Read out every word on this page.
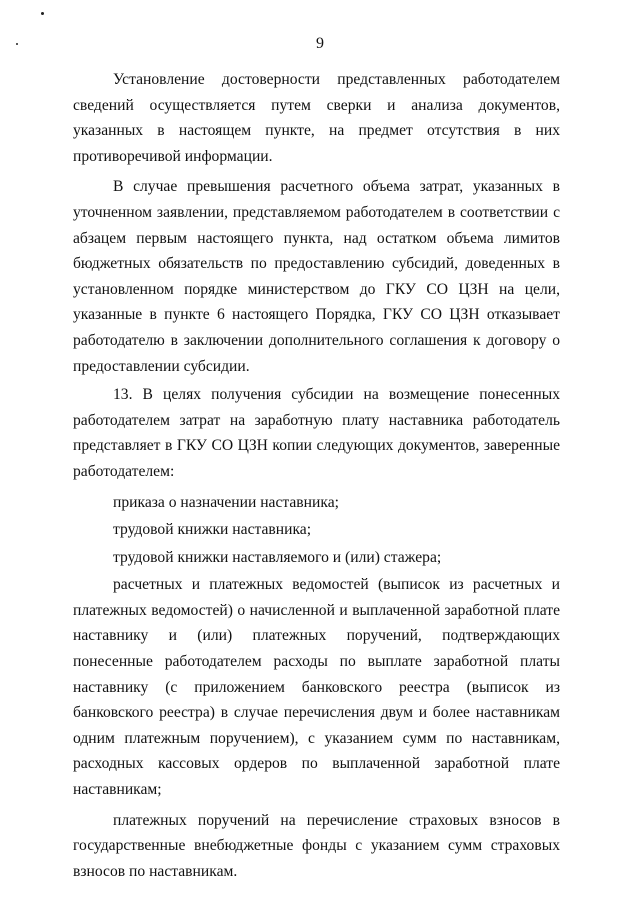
9

Установление достоверности представленных работодателем сведений осуществляется путем сверки и анализа документов, указанных в настоящем пункте, на предмет отсутствия в них противоречивой информации.

В случае превышения расчетного объема затрат, указанных в уточненном заявлении, представляемом работодателем в соответствии с абзацем первым настоящего пункта, над остатком объема лимитов бюджетных обязательств по предоставлению субсидий, доведенных в установленном порядке министерством до ГКУ СО ЦЗН на цели, указанные в пункте 6 настоящего Порядка, ГКУ СО ЦЗН отказывает работодателю в заключении дополнительного соглашения к договору о предоставлении субсидии.

13. В целях получения субсидии на возмещение понесенных работодателем затрат на заработную плату наставника работодатель представляет в ГКУ СО ЦЗН копии следующих документов, заверенные работодателем:

приказа о назначении наставника;

трудовой книжки наставника;

трудовой книжки наставляемого и (или) стажера;

расчетных и платежных ведомостей (выписок из расчетных и платежных ведомостей) о начисленной и выплаченной заработной плате наставнику и (или) платежных поручений, подтверждающих понесенные работодателем расходы по выплате заработной платы наставнику (с приложением банковского реестра (выписок из банковского реестра) в случае перечисления двум и более наставникам одним платежным поручением), с указанием сумм по наставникам, расходных кассовых ордеров по выплаченной заработной плате наставникам;

платежных поручений на перечисление страховых взносов в государственные внебюджетные фонды с указанием сумм страховых взносов по наставникам.
